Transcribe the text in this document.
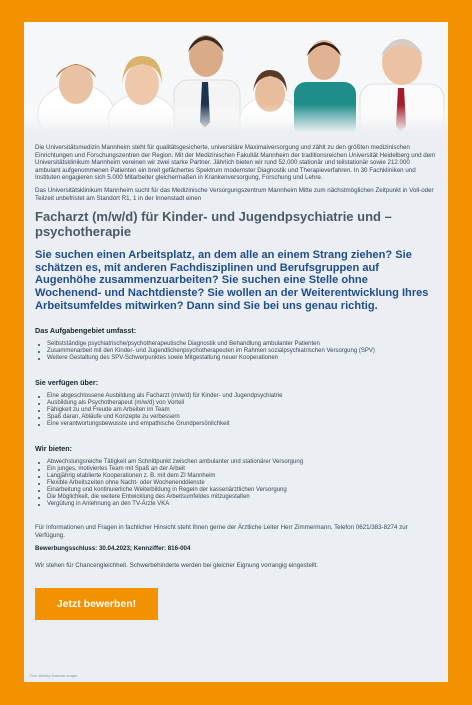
Die Universitätsmedizin Mannheim steht für qualitätsgesicherte, universitäre Maximalversorgung und zählt zu den größten medizinischen Einrichtungen und Forschungszentren der Region. Mit der Medizinischen Fakultät Mannheim der traditionsreichen Universität Heidelberg und dem Universitätsklinikum Mannheim vereinen wir zwei starke Partner. Jährlich bieten wir rund 52.000 stationär und teilstationär sowie 212.000 ambulant aufgenommenen Patienten ein breit gefächertes Spektrum modernster Diagnostik und Therapieverfahren. In 30 Fachkliniken und Instituten engagieren sich 5.000 Mitarbeiter gleichermaßen in Krankenversorgung, Forschung und Lehre.

Das Universitätsklinikum Mannheim sucht für das Medizinische Versorgungszentrum Mannheim Mitte zum nächstmöglichen Zeitpunkt in Voll-oder Teilzeit unbefristet am Standort R1, 1 in der Innenstadt einen

Facharzt (m/w/d) für Kinder- und Jugendpsychiatrie und –psychotherapie

Sie suchen einen Arbeitsplatz, an dem alle an einem Strang ziehen? Sie schätzen es, mit anderen Fachdisziplinen und Berufsgruppen auf Augenhöhe zusammenzuarbeiten? Sie suchen eine Stelle ohne Wochenend- und Nachtdienste? Sie wollen an der Weiterentwicklung Ihres Arbeitsumfeldes mitwirken? Dann sind Sie bei uns genau richtig.

Das Aufgabengebiet umfasst:
Selbstständige psychiatrische/psychotherapeutische Diagnostik und Behandlung ambulanter Patienten
Zusammenarbeit mit den Kinder- und Jugendlichenpsychotherapeuten im Rahmen sozialpsychiatrischen Versorgung (SPV)
Weitere Gestaltung des SPV-Schwerpunktes sowie Mitgestaltung neuer Kooperationen
Sie verfügen über:
Eine abgeschlossene Ausbildung als Facharzt (m/w/d) für Kinder- und Jugendpsychiatrie
Ausbildung als Psychotherapeut (m/w/d) von Vorteil
Fähigkeit zu und Freude am Arbeiten im Team
Spaß daran, Abläufe und Konzepte zu verbessern
Eine verantwortungsbewusste und empathische Grundpersönlichkeit
Wir bieten:
Abwechslungsreiche Tätigkeit am Schnittpunkt zwischen ambulanter und stationärer Versorgung
Ein junges, motiviertes Team mit Spaß an der Arbeit
Langjährig etablierte Kooperationen z. B. mit dem ZI Mannheim
Flexible Arbeitszeiten ohne Nacht- oder Wochenenddienste
Einarbeitung und kontinuierliche Weiterbildung in Regeln der kassenärztlichen Versorgung
Die Möglichkeit, die weitere Entwicklung des Arbeitsumfeldes mitzugestalten
Vergütung in Anlehnung an den TV-Ärzte VKA

Für Informationen und Fragen in fachlicher Hinsicht steht Ihnen gerne der Ärztliche Leiter Herr Zimmermann, Telefon 0621/383-8274 zur Verfügung.

Bewerbungsschluss: 30.04.2023; Kennziffer: 816-004

Wir stehen für Chancengleichheit. Schwerbehinderte werden bei gleicher Eignung vorrangig eingestellt.

Jetzt bewerben!
Foto: Monkey Business Images
